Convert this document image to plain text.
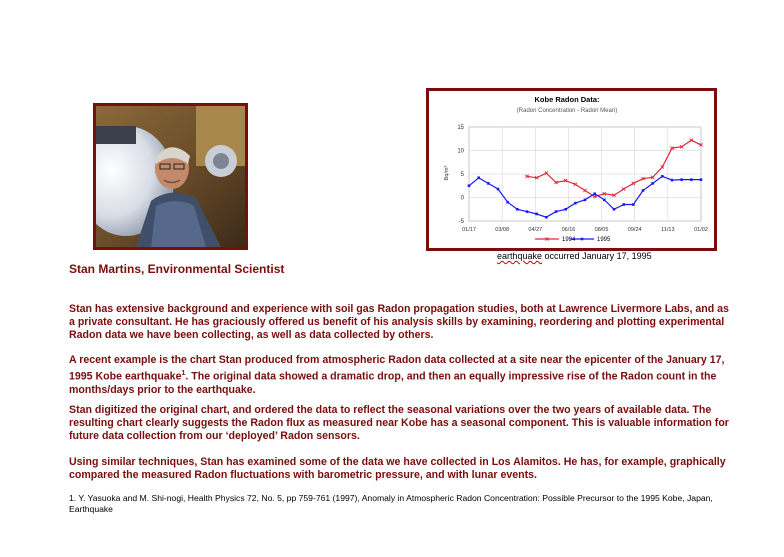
Kobe Radon Data:
(Radon Concentration - Radon Mean)
Bq/m³
15
10
5
0
-5
01/17	03/08	04/27	06/16	08/05	09/24	11/13	01/02
1994	1995
earthquake occurred January 17, 1995
Stan Martins, Environmental Scientist
Stan has extensive background and experience with soil gas Radon propagation studies, both at Lawrence Livermore Labs, and as a private consultant. He has graciously offered us benefit of his analysis skills by examining, reordering and plotting experimental Radon data we have been collecting, as well as data collected by others.
A recent example is the chart Stan produced from atmospheric Radon data collected at a site near the epicenter of the January 17, 1995 Kobe earthquake$^1$. The original data showed a dramatic drop, and then an equally impressive rise of the Radon count in the months/days prior to the earthquake.
Stan digitized the original chart, and ordered the data to reflect the seasonal variations over the two years of available data. The resulting chart clearly suggests the Radon flux as measured near Kobe has a seasonal component. This is valuable information for future data collection from our ‘deployed’ Radon sensors.
Using similar techniques, Stan has examined some of the data we have collected in Los Alamitos. He has, for example, graphically compared the measured Radon fluctuations with barometric pressure, and with lunar events.
1. Y. Yasuoka and M. Shi-nogi, Health Physics 72, No. 5, pp 759-761 (1997), Anomaly in Atmospheric Radon Concentration: Possible Precursor to the 1995 Kobe, Japan, Earthquake
